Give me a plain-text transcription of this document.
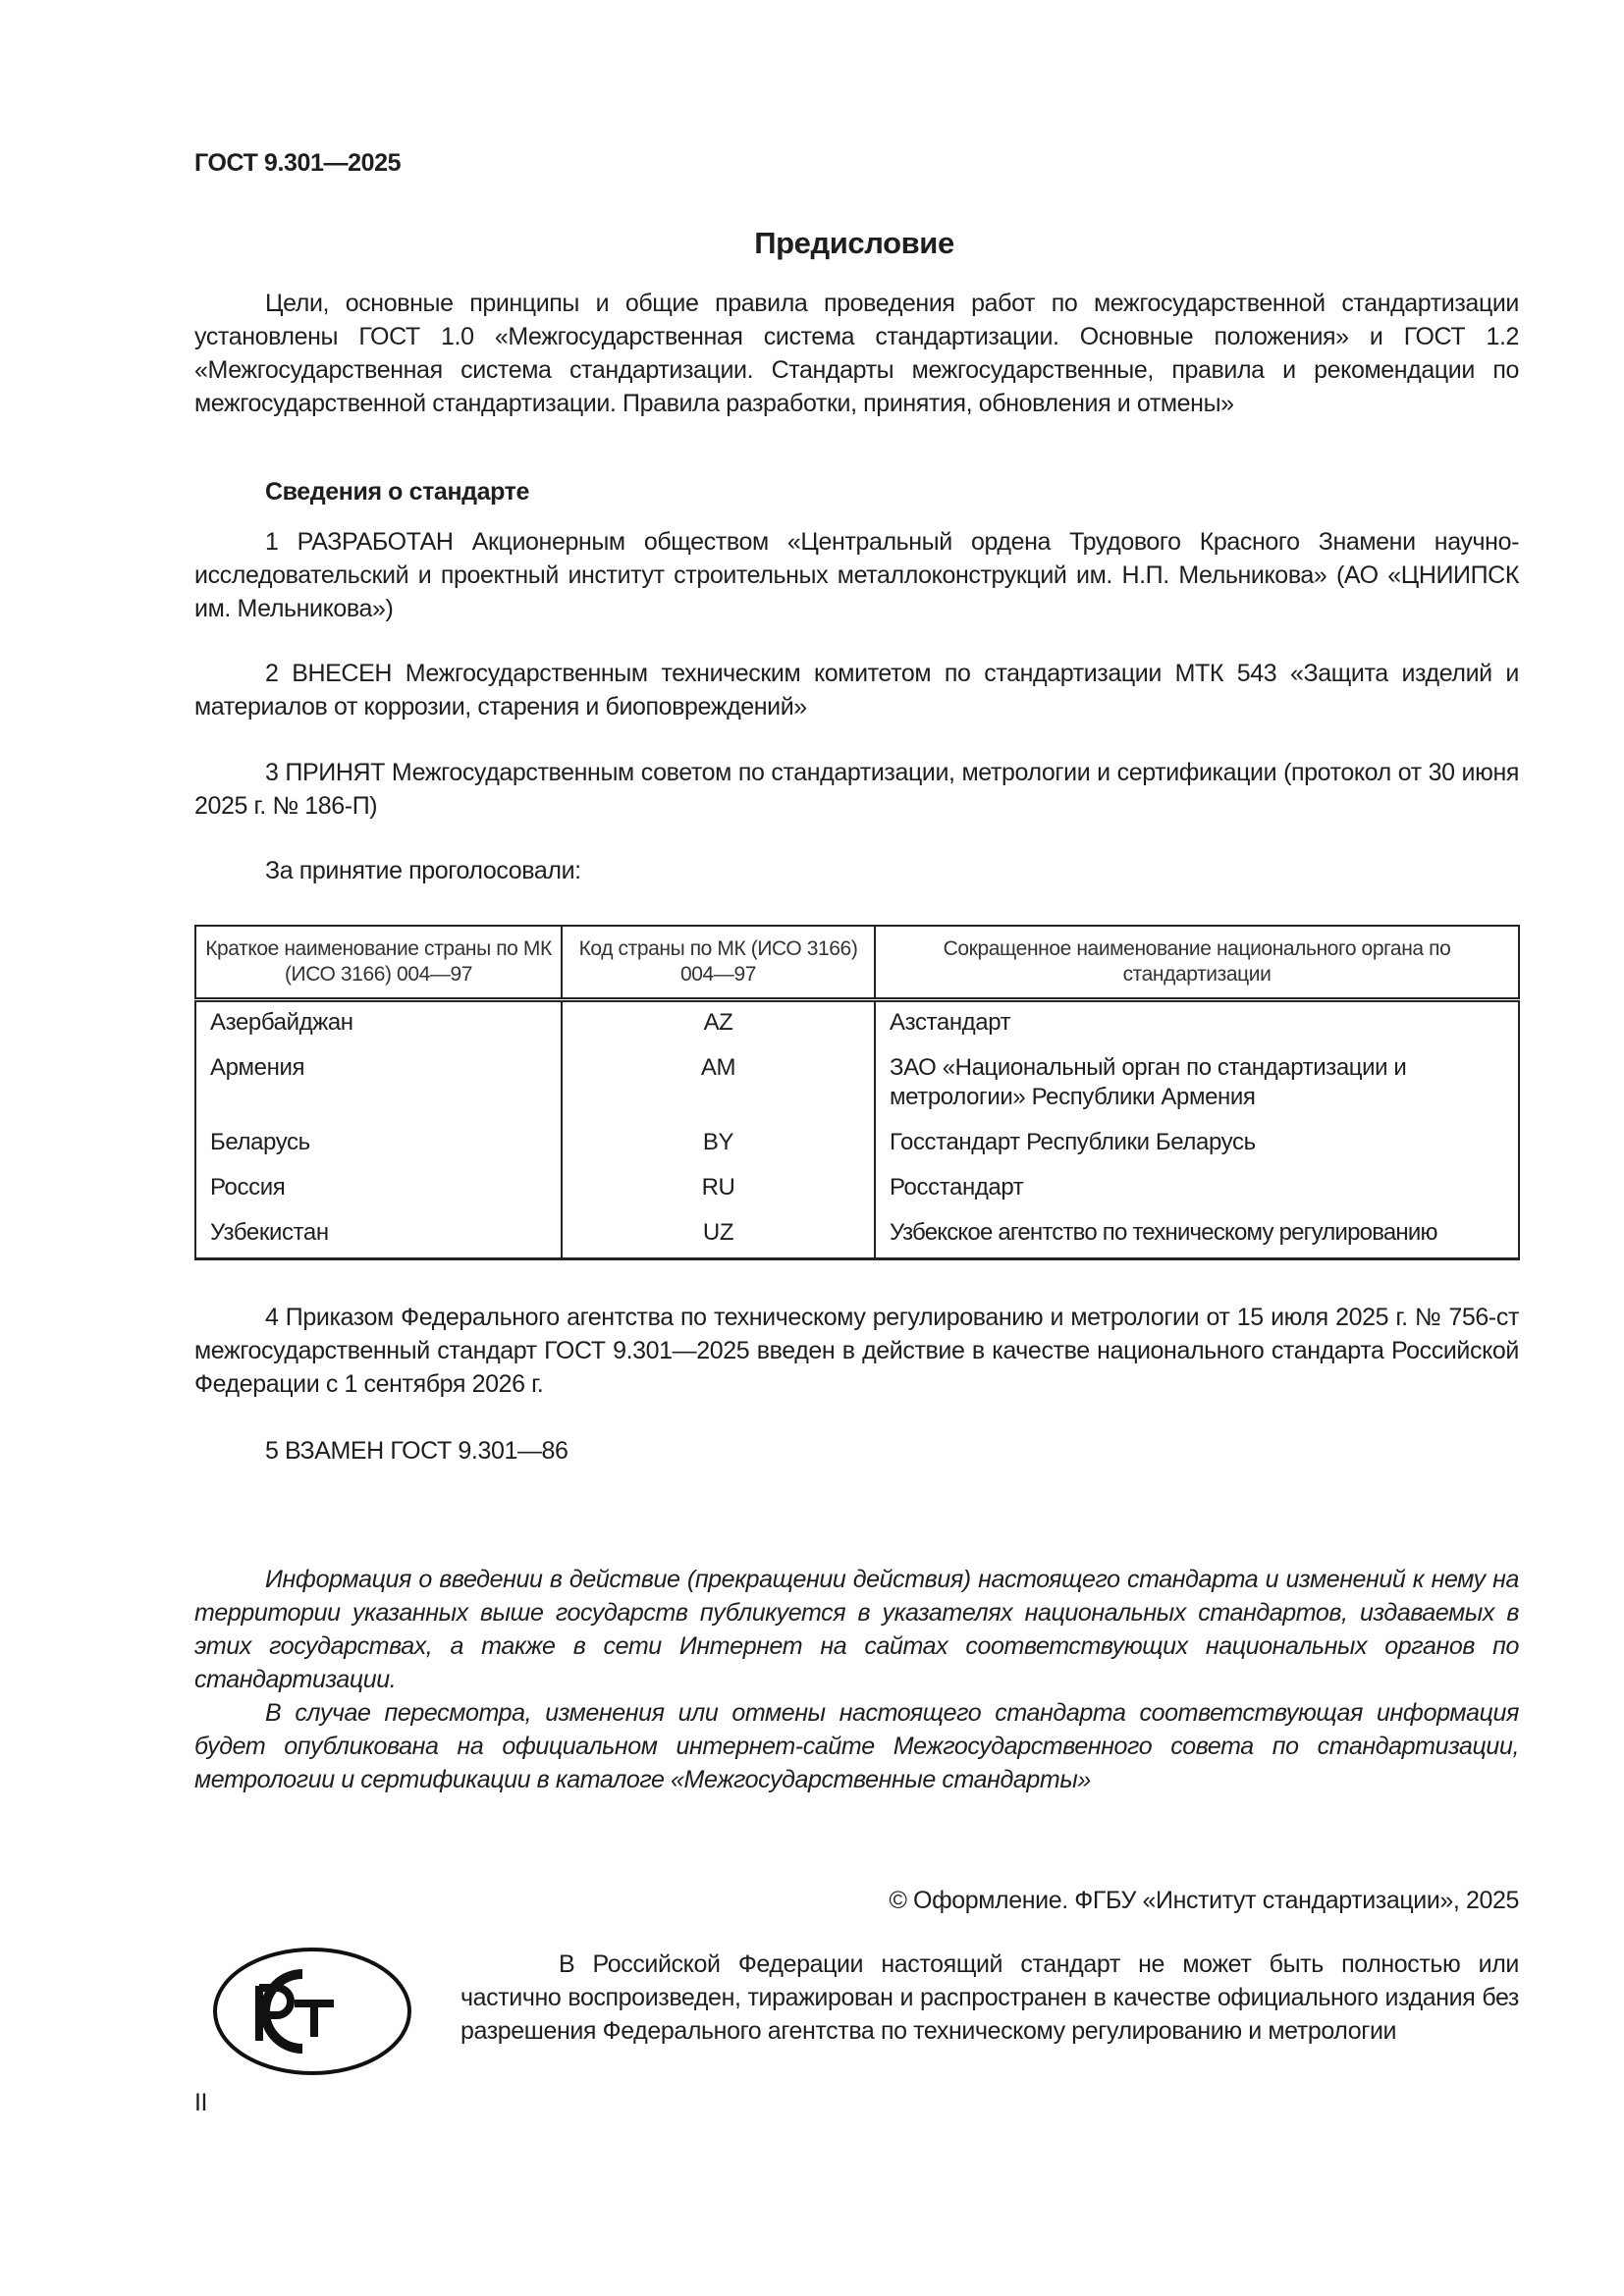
ГОСТ 9.301—2025
Предисловие
Цели, основные принципы и общие правила проведения работ по межгосударственной стандартизации установлены ГОСТ 1.0 «Межгосударственная система стандартизации. Основные положения» и ГОСТ 1.2 «Межгосударственная система стандартизации. Стандарты межгосударственные, правила и рекомендации по межгосударственной стандартизации. Правила разработки, принятия, обновления и отмены»
Сведения о стандарте
1 РАЗРАБОТАН Акционерным обществом «Центральный ордена Трудового Красного Знамени научно-исследовательский и проектный институт строительных металлоконструкций им. Н.П. Мельникова» (АО «ЦНИИПСК им. Мельникова»)
2 ВНЕСЕН Межгосударственным техническим комитетом по стандартизации МТК 543 «Защита изделий и материалов от коррозии, старения и биоповреждений»
3 ПРИНЯТ Межгосударственным советом по стандартизации, метрологии и сертификации (протокол от 30 июня 2025 г. № 186-П)
За принятие проголосовали:
Краткое наименование страны по МК (ИСО 3166) 004—97	Код страны по МК (ИСО 3166) 004—97	Сокращенное наименование национального органа по стандартизации
Азербайджан	AZ	Азстандарт
Армения	AM	ЗАО «Национальный орган по стандартизации и метрологии» Республики Армения
Беларусь	BY	Госстандарт Республики Беларусь
Россия	RU	Росстандарт
Узбекистан	UZ	Узбекское агентство по техническому регулированию
4 Приказом Федерального агентства по техническому регулированию и метрологии от 15 июля 2025 г. № 756-ст межгосударственный стандарт ГОСТ 9.301—2025 введен в действие в качестве национального стандарта Российской Федерации с 1 сентября 2026 г.
5 ВЗАМЕН ГОСТ 9.301—86
Информация о введении в действие (прекращении действия) настоящего стандарта и изменений к нему на территории указанных выше государств публикуется в указателях национальных стандартов, издаваемых в этих государствах, а также в сети Интернет на сайтах соответствующих национальных органов по стандартизации.
В случае пересмотра, изменения или отмены настоящего стандарта соответствующая информация будет опубликована на официальном интернет-сайте Межгосударственного совета по стандартизации, метрологии и сертификации в каталоге «Межгосударственные стандарты»
© Оформление. ФГБУ «Институт стандартизации», 2025
В Российской Федерации настоящий стандарт не может быть полностью или частично воспроизведен, тиражирован и распространен в качестве официального издания без разрешения Федерального агентства по техническому регулированию и метрологии
II
